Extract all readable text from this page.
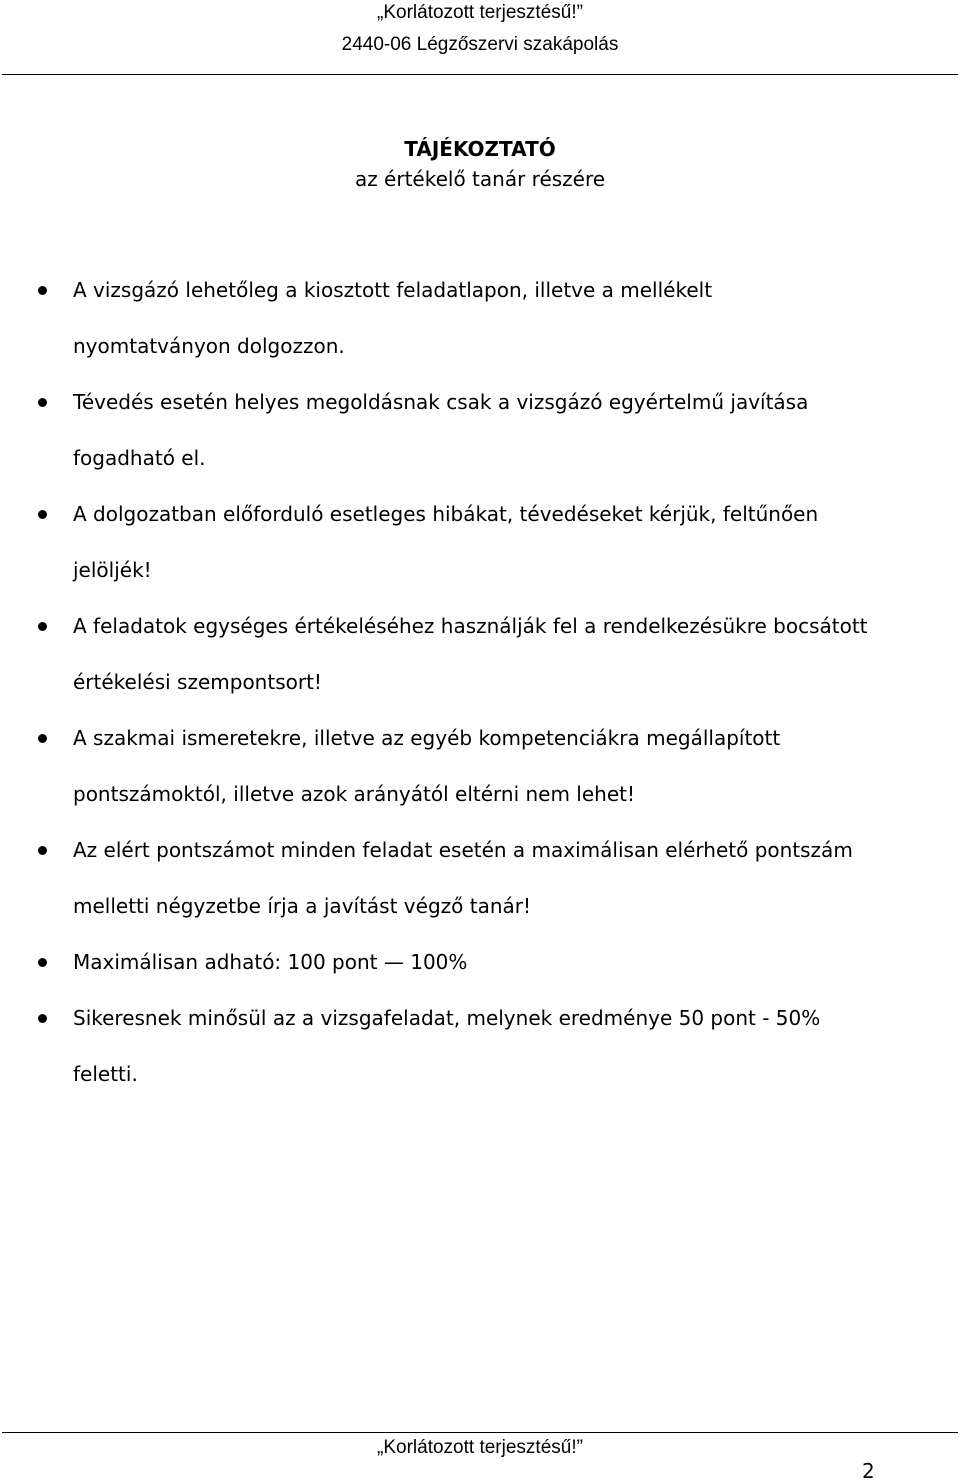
„Korlátozott terjesztésű!”
2440-06 Légzőszervi szakápolás
TÁJÉKOZTATÓ
az értékelő tanár részére
A vizsgázó lehetőleg a kiosztott feladatlapon, illetve a mellékelt
nyomtatványon dolgozzon.
Tévedés esetén helyes megoldásnak csak a vizsgázó egyértelmű javítása
fogadható el.
A dolgozatban előforduló esetleges hibákat, tévedéseket kérjük, feltűnően
jelöljék!
A feladatok egységes értékeléséhez használják fel a rendelkezésükre bocsátott
értékelési szempontsort!
A szakmai ismeretekre, illetve az egyéb kompetenciákra megállapított
pontszámoktól, illetve azok arányától eltérni nem lehet!
Az elért pontszámot minden feladat esetén a maximálisan elérhető pontszám
melletti négyzetbe írja a javítást végző tanár!
Maximálisan adható: 100 pont — 100%
Sikeresnek minősül az a vizsgafeladat, melynek eredménye 50 pont - 50%
feletti.
„Korlátozott terjesztésű!”
2
